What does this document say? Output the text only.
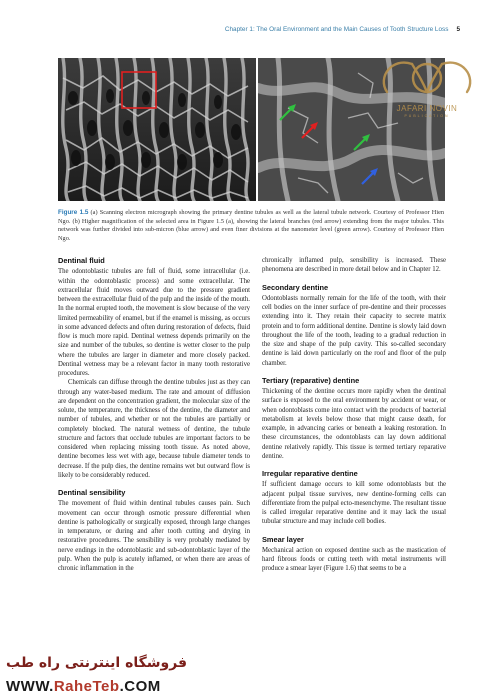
Chapter 1: The Oral Environment and the Main Causes of Tooth Structure Loss 5
JAFARI NOVIN
PUBLICATION
Figure 1.5 (a) Scanning electron micrograph showing the primary dentine tubules as well as the lateral tubule network. Courtesy of Professor Hien Ngo. (b) Higher magnification of the selected area in Figure 1.5 (a), showing the lateral branches (red arrow) extending from the major tubules. This network was further divided into sub-micron (blue arrow) and even finer divisions at the nanometer level (green arrow). Courtesy of Professor Hien Ngo.
Dentinal fluid

The odontoblastic tubules are full of fluid, some intracellular (i.e. within the odontoblastic process) and some extracellular. The extracellular fluid moves outward due to the pressure gradient between the extracellular fluid of the pulp and the inside of the mouth. In the normal erupted tooth, the movement is slow because of the very limited permeability of enamel, but if the enamel is missing, as occurs in some advanced defects and often during restoration of defects, fluid flow is much more rapid. Dentinal wetness depends primarily on the size and number of the tubules, so dentine is wetter closer to the pulp where the tubules are larger in diameter and more closely packed. Dentinal wetness may be a relevant factor in many tooth restorative procedures.

Chemicals can diffuse through the dentine tubules just as they can through any water-based medium. The rate and amount of diffusion are dependent on the concentration gradient, the molecular size of the solute, the temperature, the thickness of the dentine, the diameter and number of tubules, and whether or not the tubules are partially or completely blocked. The natural wetness of dentine, the tubule structure and factors that occlude tubules are important factors to be considered when replacing missing tooth tissue. As noted above, dentine becomes less wet with age, because tubule diameter tends to decrease. If the pulp dies, the dentine remains wet but outward flow is likely to be considerably reduced.

Dentinal sensibility

The movement of fluid within dentinal tubules causes pain. Such movement can occur through osmotic pressure differential when dentine is pathologically or surgically exposed, through large changes in temperature, or during and after tooth cutting and drying in restorative procedures. The sensibility is very probably mediated by nerve endings in the odontoblastic and sub-odontoblastic layer of the pulp. When the pulp is acutely inflamed, or when there are areas of chronic inflammation in the

chronically inflamed pulp, sensibility is increased. These phenomena are described in more detail below and in Chapter 12.

Secondary dentine

Odontoblasts normally remain for the life of the tooth, with their cell bodies on the inner surface of pre-dentine and their processes extending into it. They retain their capacity to secrete matrix protein and to form additional dentine. Dentine is slowly laid down throughout the life of the tooth, leading to a gradual reduction in the size and shape of the pulp cavity. This so-called secondary dentine is laid down particularly on the roof and floor of the pulp chamber.

Tertiary (reparative) dentine

Thickening of the dentine occurs more rapidly when the dentinal surface is exposed to the oral environment by accident or wear, or when odontoblasts come into contact with the products of bacterial metabolism at levels below those that might cause death, for example, in advancing caries or beneath a leaking restoration. In these circumstances, the odontoblasts can lay down additional dentine relatively rapidly. This tissue is termed tertiary reparative dentine.

Irregular reparative dentine

If sufficient damage occurs to kill some odontoblasts but the adjacent pulpal tissue survives, new dentine-forming cells can differentiate from the pulpal ecto-mesenchyme. The resultant tissue is called irregular reparative dentine and it may lack the usual tubular structure and may include cell bodies.

Smear layer

Mechanical action on exposed dentine such as the mastication of hard fibrous foods or cutting teeth with metal instruments will produce a smear layer (Figure 1.6) that seems to be a

فروشگاه اینترنتی راه طب
WWW.RaheTeb.COM
